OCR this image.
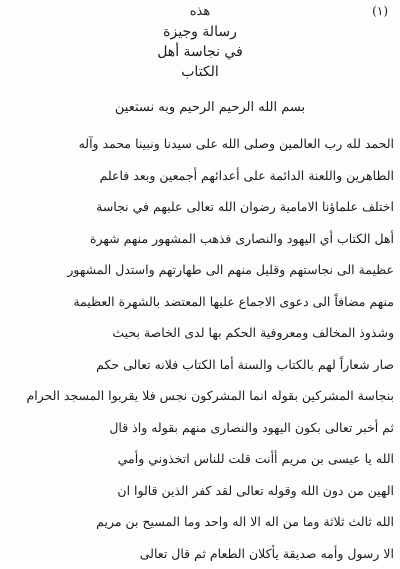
⠀
(١)
هذه
رسالة وجيزة
في نجاسة أهل
الكتاب
بسم الله الرحيم الرحيم وبه نستعين
الحمد لله رب العالمين وصلى الله على سيدنا ونبينا محمد وآله
الطاهرين واللعنة الدائمة على أعدائهم أجمعين وبعد فاعلم
اختلف علماؤنا الامامية رضوان الله تعالى عليهم في نجاسة
أهل الكتاب أي اليهود والنصارى فذهب المشهور منهم شهرة
عظيمة الى نجاستهم وقليل منهم الى طهارتهم واستدل المشهور
منهم مضافاً الى دعوى الاجماع عليها المعتضد بالشهرة العظيمة
وشذوذ المخالف ومعروفية الحكم بها لدى الخاصة بحيث
صار شعاراً لهم بالكتاب والسنة أما الكتاب فلانه تعالى حكم
بنجاسة المشركين بقوله انما المشركون نجس فلا يقربوا المسجد الحرام
ثم أخبر تعالى بكون اليهود والنصارى منهم بقوله واذ قال
الله يا عيسى بن مريم أأنت قلت للناس اتخذوني وأمي
الهين من دون الله وقوله تعالى لقد كفر الذين قالوا ان
الله ثالث ثلاثة وما من اله الا اله واحد وما المسيح بن مريم
الا رسول وأمه صديقة يأكلان الطعام ثم قال تعالى
